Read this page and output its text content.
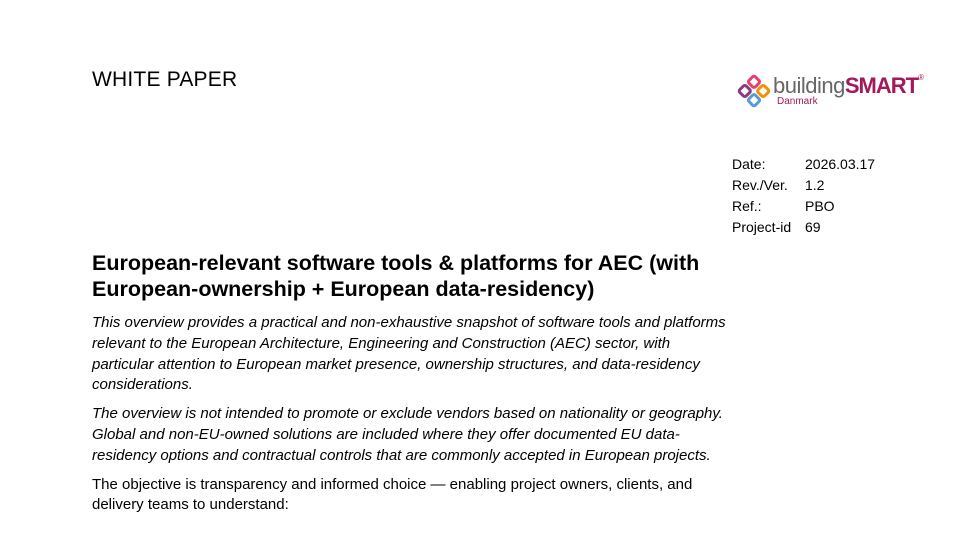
WHITE PAPER	buildingSMART®
Danmark
Date:	2026.03.17
Rev./Ver. 1.2
Ref.:	PBO
Project-id 69
European-relevant software tools & platforms for AEC (with European-ownership + European data-residency)

This overview provides a practical and non-exhaustive snapshot of software tools and platforms relevant to the European Architecture, Engineering and Construction (AEC) sector, with particular attention to European market presence, ownership structures, and data-residency considerations.

The overview is not intended to promote or exclude vendors based on nationality or geography. Global and non-EU-owned solutions are included where they offer documented EU data-residency options and contractual controls that are commonly accepted in European projects.

The objective is transparency and informed choice — enabling project owners, clients, and delivery teams to understand:
